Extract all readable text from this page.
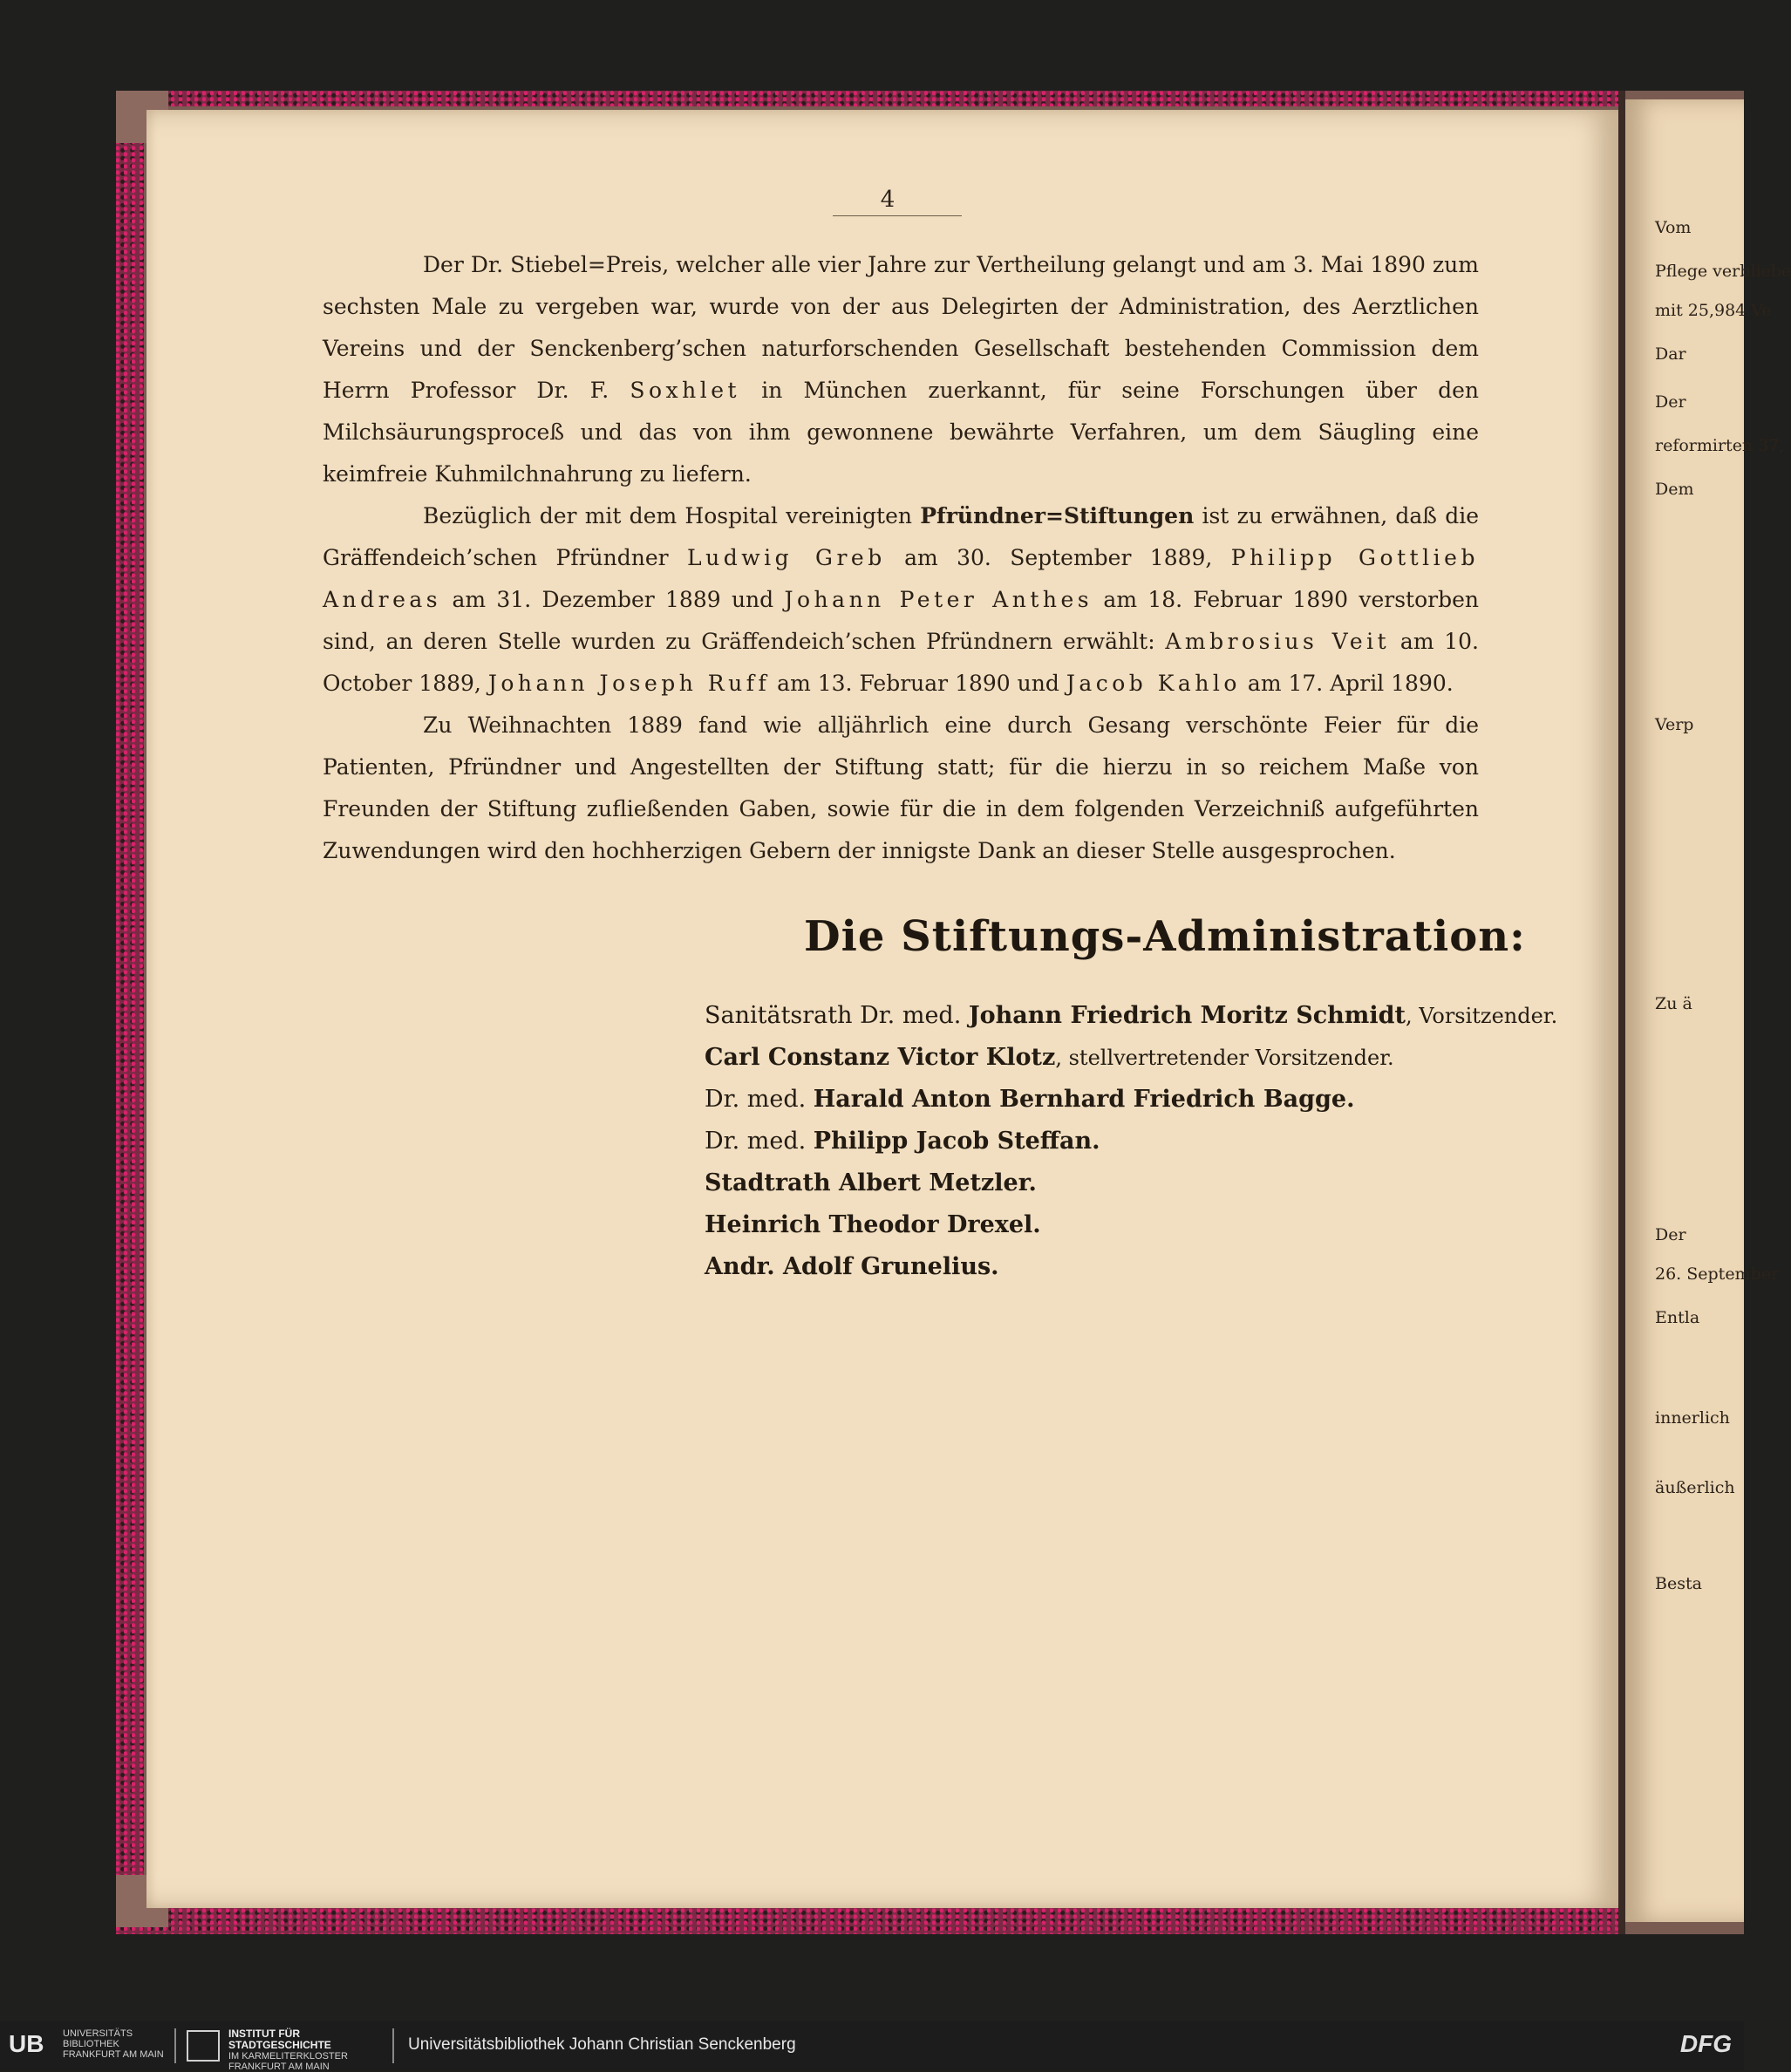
Vom
Pflege verbliebe
mit 25,984 Ve
Dar
Der
reformirten 37,
Dem
Verp
Zu ä
Der
26. September
Entla
innerlich
äußerlich
Besta
4

Der Dr. Stiebel=Preis, welcher alle vier Jahre zur Vertheilung gelangt und am 3. Mai 1890 zum sechsten Male zu vergeben war, wurde von der aus Delegirten der Administration, des Aerztlichen Vereins und der Senckenberg’schen naturforschenden Gesellschaft bestehenden Commission dem Herrn Professor Dr. F. Soxhlet in München zuerkannt, für seine Forschungen über den Milchsäurungsproceß und das von ihm gewonnene bewährte Verfahren, um dem Säugling eine keimfreie Kuhmilchnahrung zu liefern.

Bezüglich der mit dem Hospital vereinigten Pfründner=Stiftungen ist zu erwähnen, daß die Gräffendeich’schen Pfründner Ludwig Greb am 30. September 1889, Philipp Gottlieb Andreas am 31. Dezember 1889 und Johann Peter Anthes am 18. Februar 1890 verstorben sind, an deren Stelle wurden zu Gräffendeich’schen Pfründnern erwählt: Ambrosius Veit am 10. October 1889, Johann Joseph Ruff am 13. Februar 1890 und Jacob Kahlo am 17. April 1890.

Zu Weihnachten 1889 fand wie alljährlich eine durch Gesang verschönte Feier für die Patienten, Pfründner und Angestellten der Stiftung statt; für die hierzu in so reichem Maße von Freunden der Stiftung zufließenden Gaben, sowie für die in dem folgenden Verzeichniß aufgeführten Zuwendungen wird den hochherzigen Gebern der innigste Dank an dieser Stelle ausgesprochen.

Die Stiftungs-Administration:
Sanitätsrath Dr. med. Johann Friedrich Moritz Schmidt, Vorsitzender.
Carl Constanz Victor Klotz, stellvertretender Vorsitzender.
Dr. med. Harald Anton Bernhard Friedrich Bagge.
Dr. med. Philipp Jacob Steffan.
Stadtrath Albert Metzler.
Heinrich Theodor Drexel.
Andr. Adolf Grunelius.
UB UNIVERSITÄTS
BIBLIOTHEK
FRANKFURT AM MAIN
INSTITUT FÜR
STADTGESCHICHTE
IM KARMELITERKLOSTER
FRANKFURT AM MAIN
Universitätsbibliothek Johann Christian Senckenberg	DFG
